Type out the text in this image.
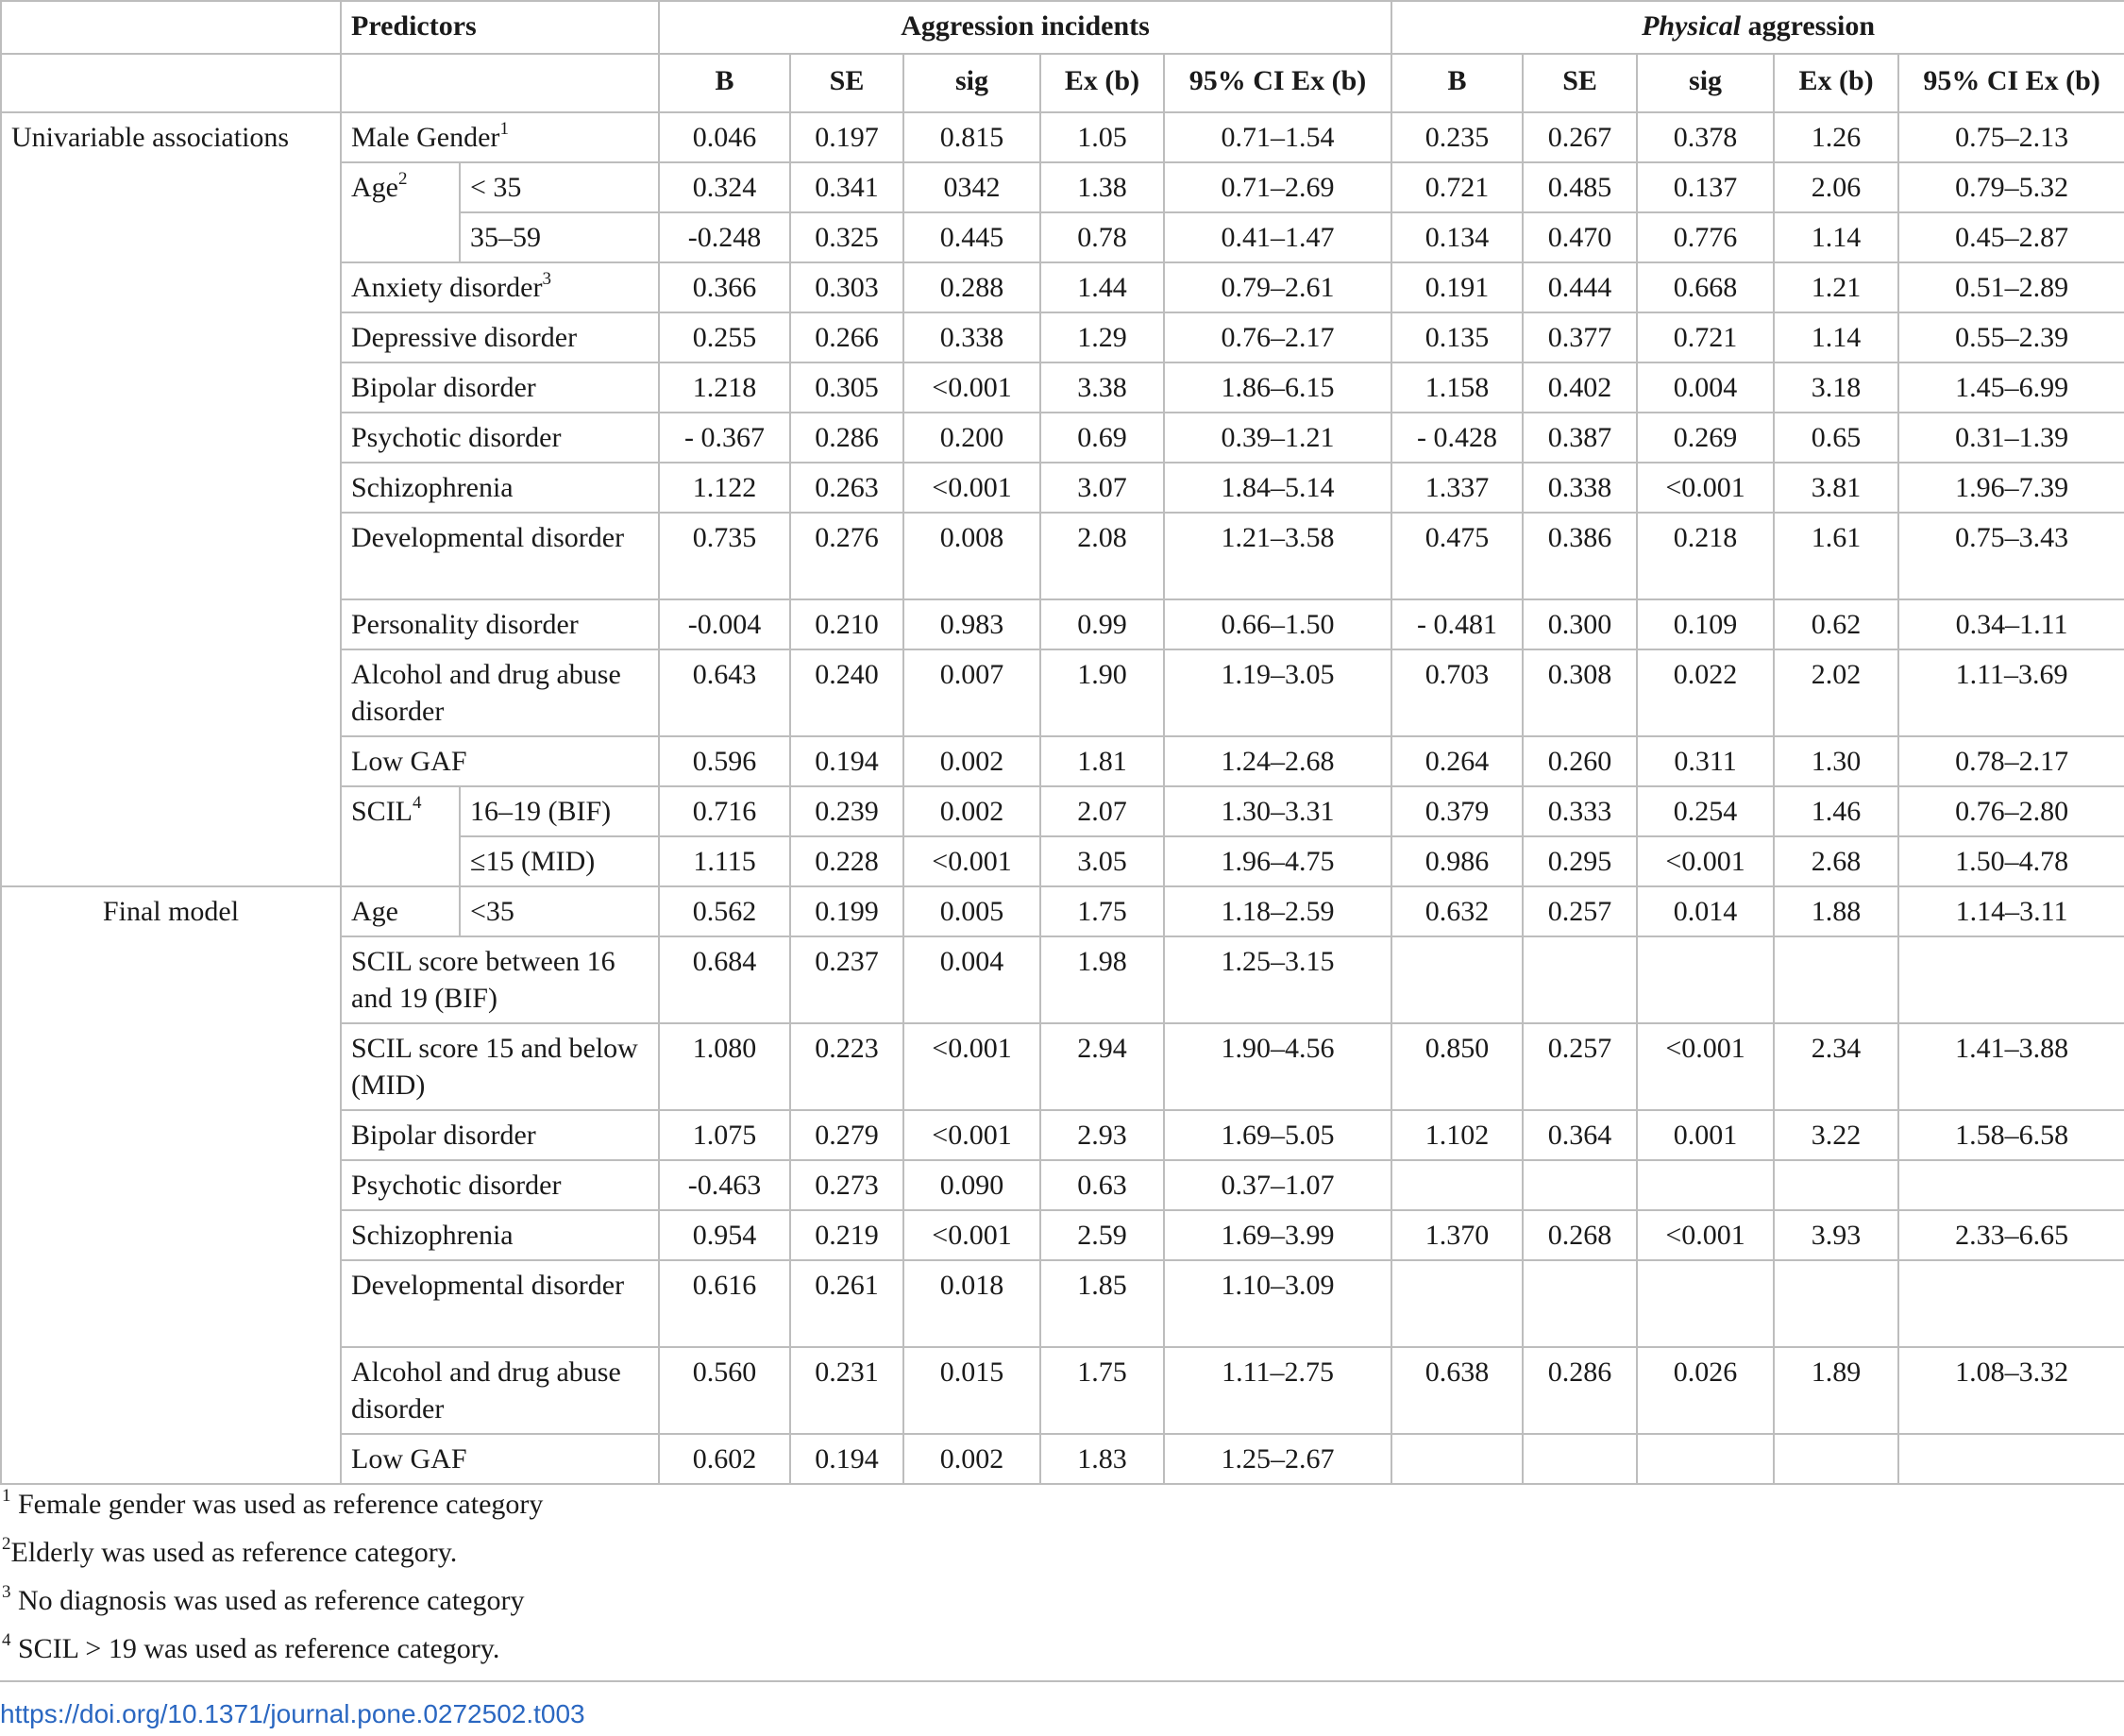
	Predictors		Aggression incidents					Physical aggression				
			B	SE	sig	Ex (b)	95% CI Ex (b)	B	SE	sig	Ex (b)	95% CI Ex (b)
Univariable associations	Male Gender$^1$		0.046	0.197	0.815	1.05	0.71–1.54	0.235	0.267	0.378	1.26	0.75–2.13
	Age$^2$	< 35	0.324	0.341	0342	1.38	0.71–2.69	0.721	0.485	0.137	2.06	0.79–5.32
		35–59	-0.248	0.325	0.445	0.78	0.41–1.47	0.134	0.470	0.776	1.14	0.45–2.87
	Anxiety disorder$^3$		0.366	0.303	0.288	1.44	0.79–2.61	0.191	0.444	0.668	1.21	0.51–2.89
	Depressive disorder		0.255	0.266	0.338	1.29	0.76–2.17	0.135	0.377	0.721	1.14	0.55–2.39
	Bipolar disorder		1.218	0.305	<0.001	3.38	1.86–6.15	1.158	0.402	0.004	3.18	1.45–6.99
	Psychotic disorder		- 0.367	0.286	0.200	0.69	0.39–1.21	- 0.428	0.387	0.269	0.65	0.31–1.39
	Schizophrenia		1.122	0.263	<0.001	3.07	1.84–5.14	1.337	0.338	<0.001	3.81	1.96–7.39
	Developmental disorder		0.735	0.276	0.008	2.08	1.21–3.58	0.475	0.386	0.218	1.61	0.75–3.43
	Personality disorder		-0.004	0.210	0.983	0.99	0.66–1.50	- 0.481	0.300	0.109	0.62	0.34–1.11
	Alcohol and drug abuse disorder		0.643	0.240	0.007	1.90	1.19–3.05	0.703	0.308	0.022	2.02	1.11–3.69
	Low GAF		0.596	0.194	0.002	1.81	1.24–2.68	0.264	0.260	0.311	1.30	0.78–2.17
	SCIL$^4$	16–19 (BIF)	0.716	0.239	0.002	2.07	1.30–3.31	0.379	0.333	0.254	1.46	0.76–2.80
		≤15 (MID)	1.115	0.228	<0.001	3.05	1.96–4.75	0.986	0.295	<0.001	2.68	1.50–4.78
Final model	Age	<35	0.562	0.199	0.005	1.75	1.18–2.59	0.632	0.257	0.014	1.88	1.14–3.11
	SCIL score between 16 and 19 (BIF)		0.684	0.237	0.004	1.98	1.25–3.15					
	SCIL score 15 and below (MID)		1.080	0.223	<0.001	2.94	1.90–4.56	0.850	0.257	<0.001	2.34	1.41–3.88
	Bipolar disorder		1.075	0.279	<0.001	2.93	1.69–5.05	1.102	0.364	0.001	3.22	1.58–6.58
	Psychotic disorder		-0.463	0.273	0.090	0.63	0.37–1.07					
	Schizophrenia		0.954	0.219	<0.001	2.59	1.69–3.99	1.370	0.268	<0.001	3.93	2.33–6.65
	Developmental disorder		0.616	0.261	0.018	1.85	1.10–3.09					
	Alcohol and drug abuse disorder		0.560	0.231	0.015	1.75	1.11–2.75	0.638	0.286	0.026	1.89	1.08–3.32
	Low GAF		0.602	0.194	0.002	1.83	1.25–2.67					
$^1$ Female gender was used as reference category
$^2$Elderly was used as reference category.
$^3$ No diagnosis was used as reference category
$^4$ SCIL > 19 was used as reference category.
https://doi.org/10.1371/journal.pone.0272502.t003
